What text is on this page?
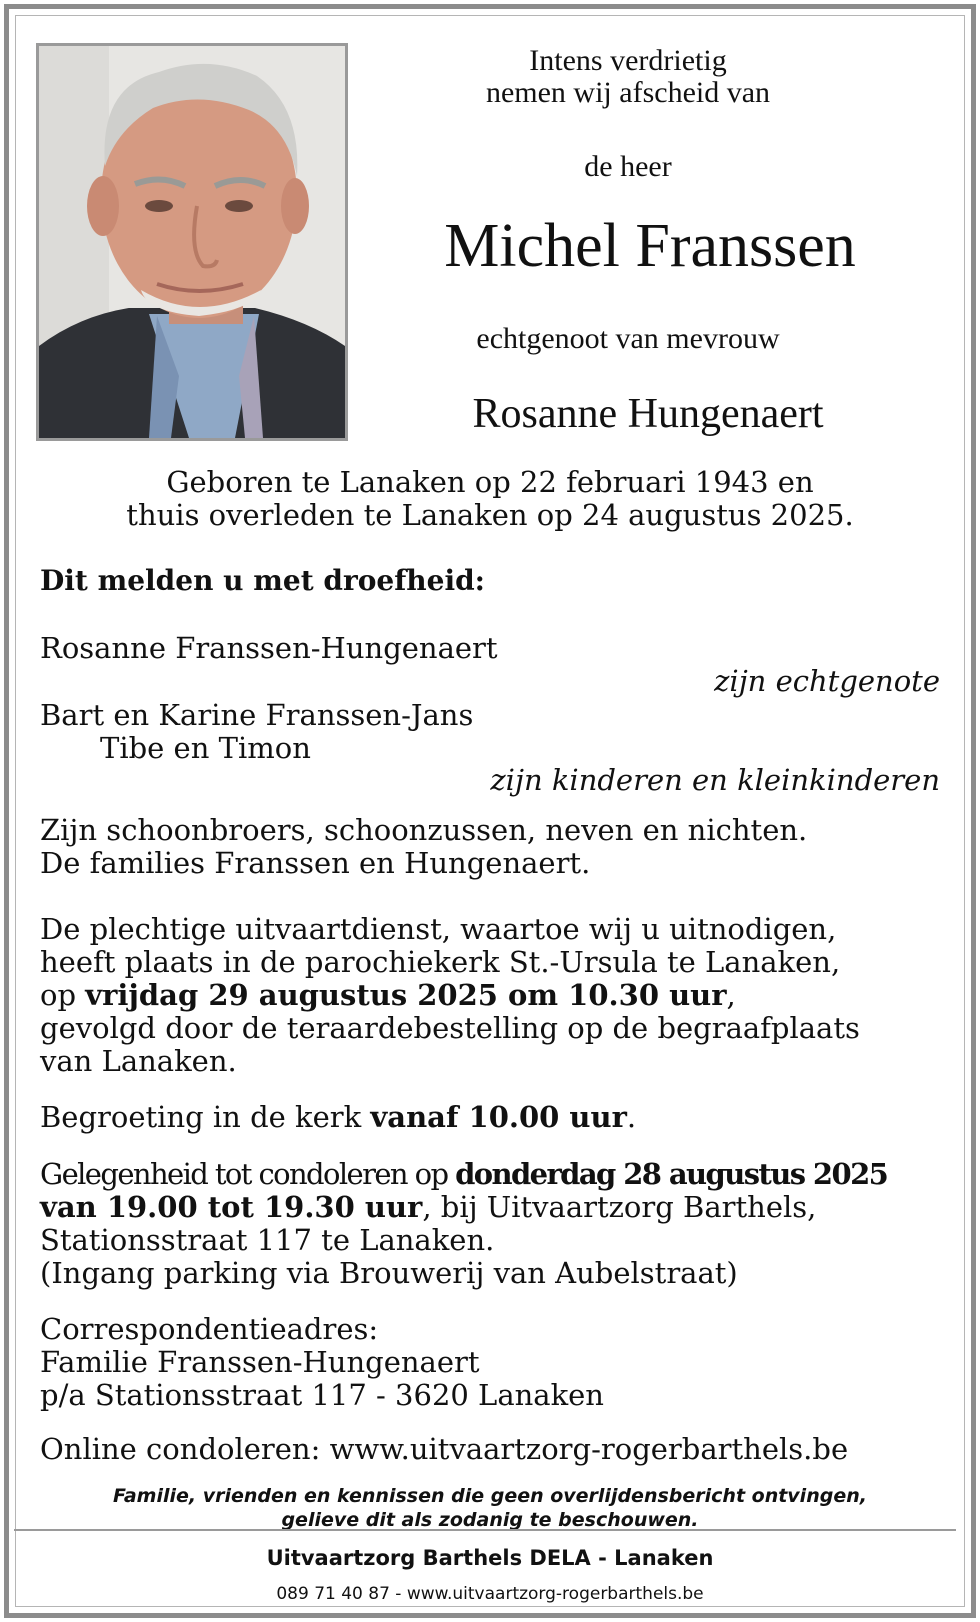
Intens verdrietig

nemen wij afscheid van

de heer

Michel Franssen

echtgenoot van mevrouw

Rosanne Hungenaert

Geboren te Lanaken op 22 februari 1943 en

thuis overleden te Lanaken op 24 augustus 2025.

Dit melden u met droefheid:

Rosanne Franssen-Hungenaert

zijn echtgenote

Bart en Karine Franssen-Jans

Tibe en Timon

zijn kinderen en kleinkinderen

Zijn schoonbroers, schoonzussen, neven en nichten.

De families Franssen en Hungenaert.

De plechtige uitvaartdienst, waartoe wij u uitnodigen,

heeft plaats in de parochiekerk St.-Ursula te Lanaken,

op vrijdag 29 augustus 2025 om 10.30 uur,

gevolgd door de teraardebestelling op de begraafplaats

van Lanaken.

Begroeting in de kerk vanaf 10.00 uur.

Gelegenheid tot condoleren op donderdag 28 augustus 2025

van 19.00 tot 19.30 uur, bij Uitvaartzorg Barthels,

Stationsstraat 117 te Lanaken.

(Ingang parking via Brouwerij van Aubelstraat)

Correspondentieadres:

Familie Franssen-Hungenaert

p/a Stationsstraat 117 - 3620 Lanaken

Online condoleren: www.uitvaartzorg-rogerbarthels.be

Familie, vrienden en kennissen die geen overlijdensbericht ontvingen,

gelieve dit als zodanig te beschouwen.

Uitvaartzorg Barthels DELA - Lanaken

089 71 40 87 - www.uitvaartzorg-rogerbarthels.be
